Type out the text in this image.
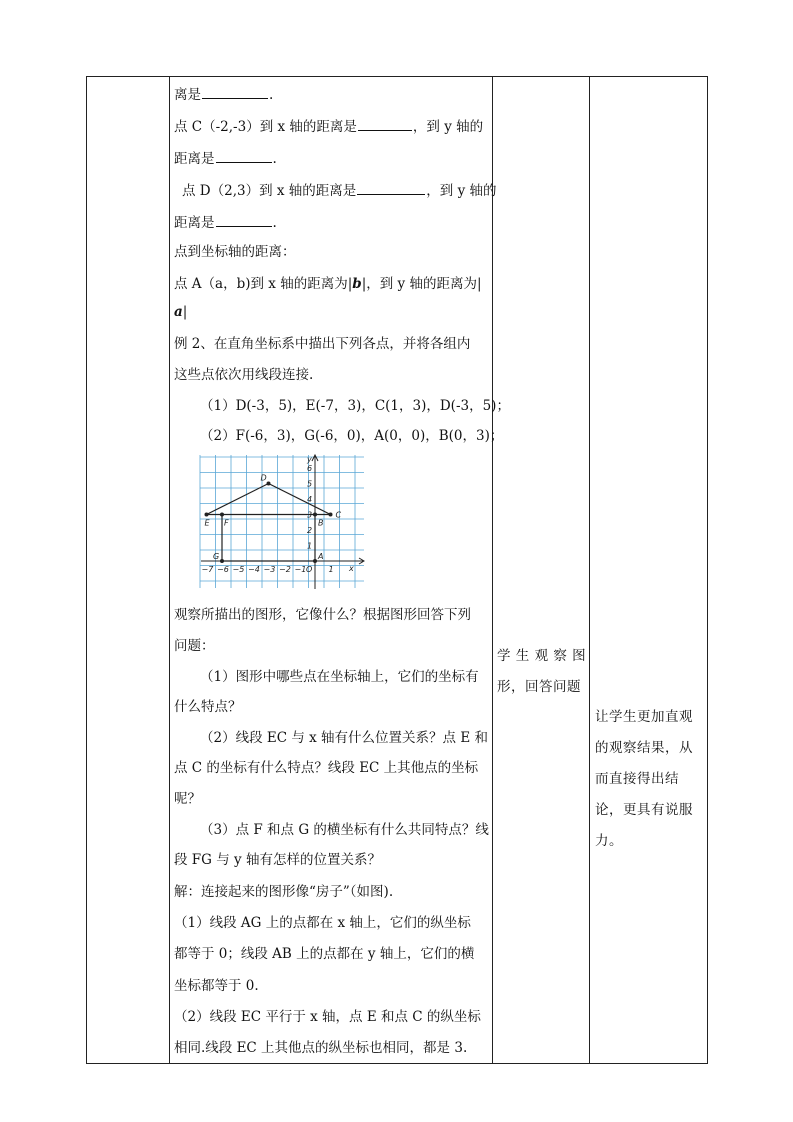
离是	.
点 C（-2,-3）到 x 轴的距离是	，到 y 轴的
距离是	.
点 D（2,3）到 x 轴的距离是	，到 y 轴的
距离是	.
点到坐标轴的距离：
点 A（a，b)到 x 轴的距离为|b|，到 y 轴的距离为|
a|
例 2、在直角坐标系中描出下列各点，并将各组内
这些点依次用线段连接.
（1）D(-3，5)，E(-7，3)，C(1，3)，D(-3，5)；
（2）F(-6，3)，G(-6，0)，A(0，0)，B(0，3)；
−7 −6 −5 −4 −3 −2 −1 O 1 x
1
2
3
4
5
6
y
D
E
C
F
G	A
B
观察所描出的图形，它像什么？根据图形回答下列
问题：
（1）图形中哪些点在坐标轴上，它们的坐标有
什么特点？
（2）线段 EC 与 x 轴有什么位置关系？点 E 和
点 C 的坐标有什么特点？线段 EC 上其他点的坐标
呢？
（3）点 F 和点 G 的横坐标有什么共同特点？线
段 FG 与 y 轴有怎样的位置关系？
解：连接起来的图形像“房子”（如图).
（1）线段 AG 上的点都在 x 轴上，它们的纵坐标
都等于 0；线段 AB 上的点都在 y 轴上，它们的横
坐标都等于 0.
（2）线段 EC 平行于 x 轴，点 E 和点 C 的纵坐标
相同.线段 EC 上其他点的纵坐标也相同，都是 3.
学 生 观 察 图
形，回答问题
让学生更加直观
的观察结果，从
而直接得出结
论，更具有说服
力。
